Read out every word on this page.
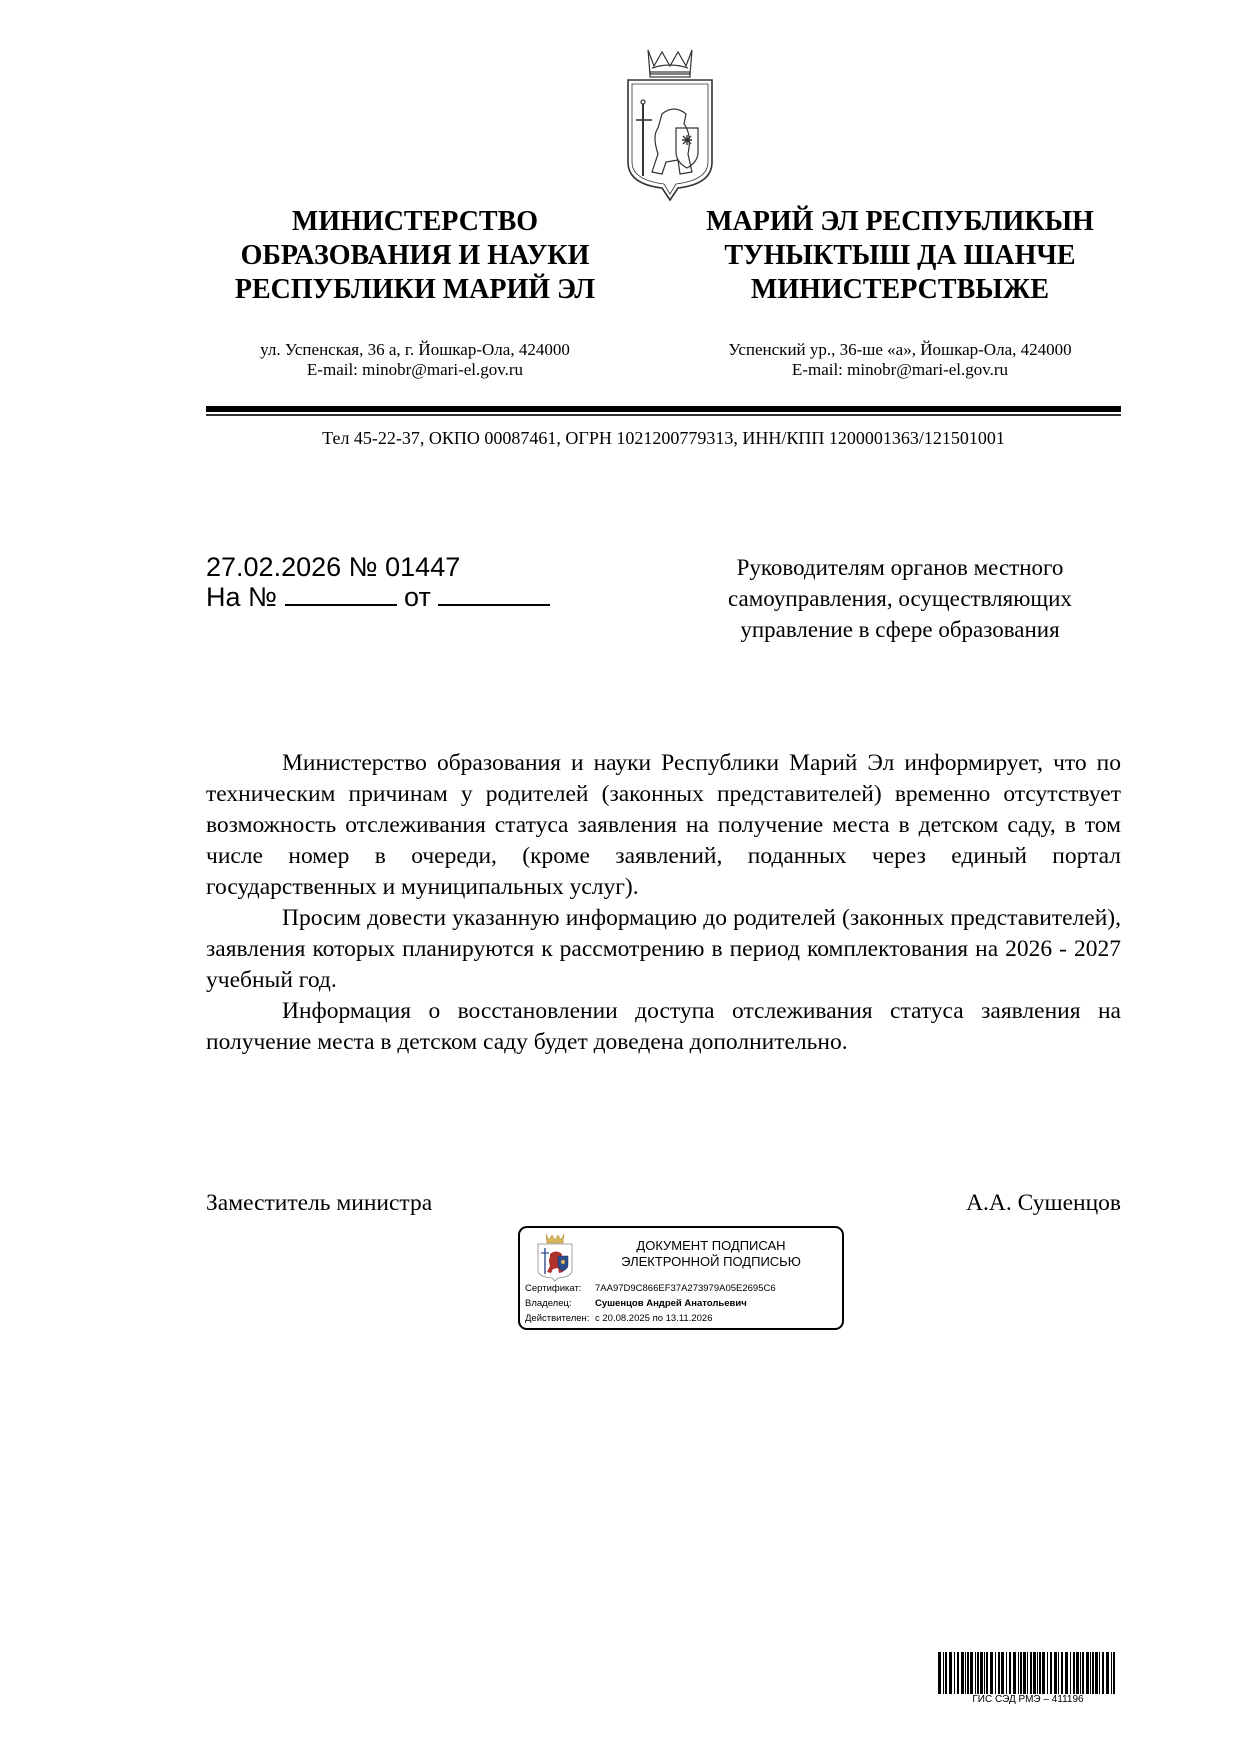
МИНИСТЕРСТВО
ОБРАЗОВАНИЯ И НАУКИ
РЕСПУБЛИКИ МАРИЙ ЭЛ
МАРИЙ ЭЛ РЕСПУБЛИКЫН
ТУНЫКТЫШ ДА ШАНЧЕ
МИНИСТЕРСТВЫЖЕ
ул. Успенская, 36 а, г. Йошкар-Ола, 424000
E-mail: minobr@mari-el.gov.ru
Успенский ур., 36-ше «а», Йошкар-Ола, 424000
E-mail: minobr@mari-el.gov.ru
Тел 45-22-37, ОКПО 00087461, ОГРН 1021200779313, ИНН/КПП 1200001363/121501001
27.02.2026 № 01447
На №	от
Руководителям органов местного
самоуправления, осуществляющих
управление в сфере образования

Министерство образования и науки Республики Марий Эл информирует, что по техническим причинам у родителей (законных представителей) временно отсутствует возможность отслеживания статуса заявления на получение места в детском саду, в том числе номер в очереди, (кроме заявлений, поданных через единый портал государственных и муниципальных услуг).

Просим довести указанную информацию до родителей (законных представителей), заявления которых планируются к рассмотрению в период комплектования на 2026 - 2027 учебный год.

Информация о восстановлении доступа отслеживания статуса заявления на получение места в детском саду будет доведена дополнительно.

Заместитель министра	А.А. Сушенцов
ДОКУМЕНТ ПОДПИСАН
ЭЛЕКТРОННОЙ ПОДПИСЬЮ
Сертификат: 7AA97D9C866EF37A273979A05E2695C6
Владелец: Сушенцов Андрей Анатольевич
Действителен: с 20.08.2025 по 13.11.2026
ГИС СЭД РМЭ – 411196
